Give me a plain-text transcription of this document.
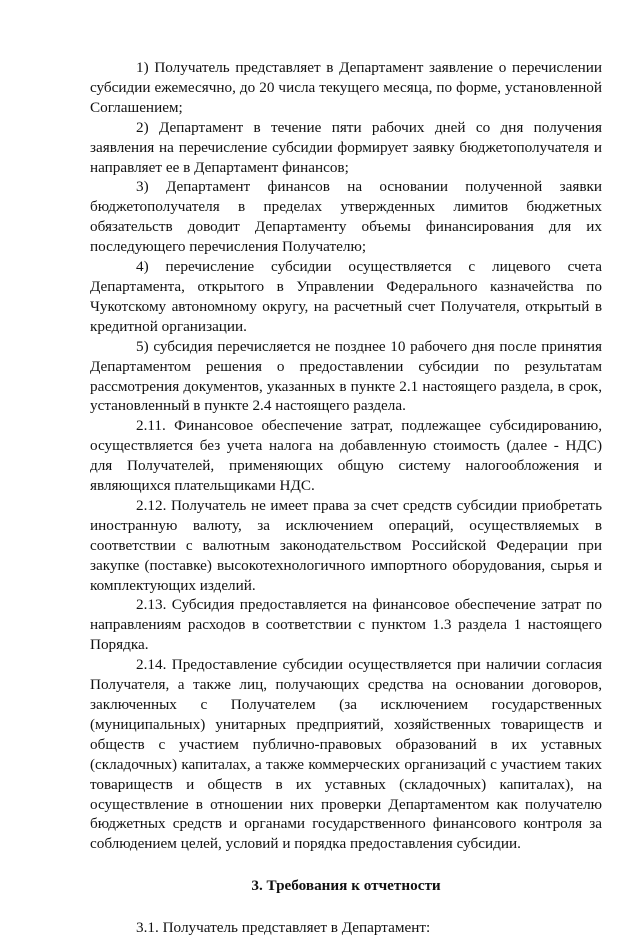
1) Получатель представляет в Департамент заявление о перечислении субсидии ежемесячно, до 20 числа текущего месяца, по форме, установленной Соглашением;

2) Департамент в течение пяти рабочих дней со дня получения заявления на перечисление субсидии формирует заявку бюджетополучателя и направляет ее в Департамент финансов;

3) Департамент финансов на основании полученной заявки бюджетополучателя в пределах утвержденных лимитов бюджетных обязательств доводит Департаменту объемы финансирования для их последующего перечисления Получателю;

4) перечисление субсидии осуществляется с лицевого счета Департамента, открытого в Управлении Федерального казначейства по Чукотскому автономному округу, на расчетный счет Получателя, открытый в кредитной организации.

5) субсидия перечисляется не позднее 10 рабочего дня после принятия Департаментом решения о предоставлении субсидии по результатам рассмотрения документов, указанных в пункте 2.1 настоящего раздела, в срок, установленный в пункте 2.4 настоящего раздела.

2.11. Финансовое обеспечение затрат, подлежащее субсидированию, осуществляется без учета налога на добавленную стоимость (далее - НДС) для Получателей, применяющих общую систему налогообложения и являющихся плательщиками НДС.

2.12. Получатель не имеет права за счет средств субсидии приобретать иностранную валюту, за исключением операций, осуществляемых в соответствии с валютным законодательством Российской Федерации при закупке (поставке) высокотехнологичного импортного оборудования, сырья и комплектующих изделий.

2.13. Субсидия предоставляется на финансовое обеспечение затрат по направлениям расходов в соответствии с пунктом 1.3 раздела 1 настоящего Порядка.

2.14. Предоставление субсидии осуществляется при наличии согласия Получателя, а также лиц, получающих средства на основании договоров, заключенных с Получателем (за исключением государственных (муниципальных) унитарных предприятий, хозяйственных товариществ и обществ с участием публично-правовых образований в их уставных (складочных) капиталах, а также коммерческих организаций с участием таких товариществ и обществ в их уставных (складочных) капиталах), на осуществление в отношении них проверки Департаментом как получателю бюджетных средств и органами государственного финансового контроля за соблюдением целей, условий и порядка предоставления субсидии.

3. Требования к отчетности

3.1. Получатель представляет в Департамент:
